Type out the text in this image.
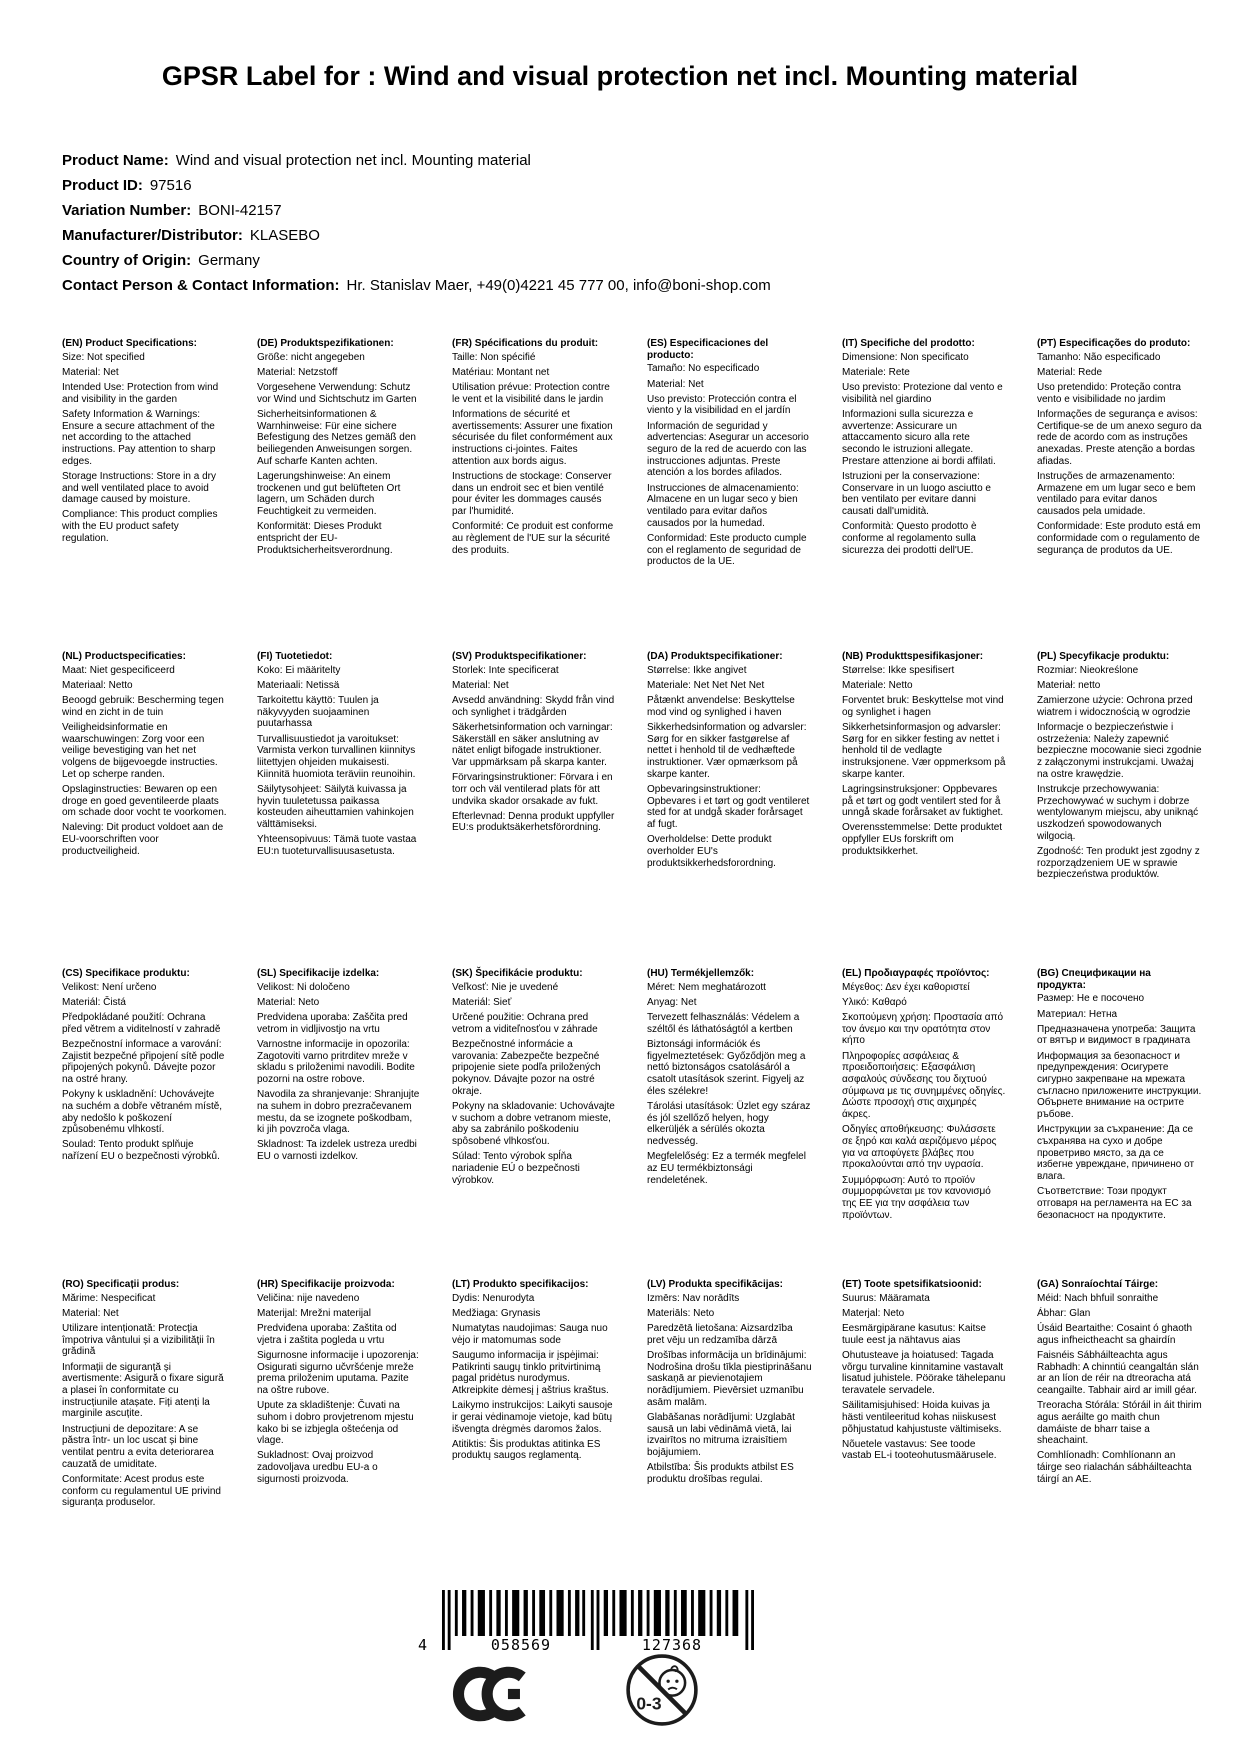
GPSR Label for : Wind and visual protection net incl. Mounting material
Product Name: Wind and visual protection net incl. Mounting material
Product ID: 97516
Variation Number: BONI-42157
Manufacturer/Distributor: KLASEBO
Country of Origin: Germany
Contact Person & Contact Information: Hr. Stanislav Maer, +49(0)4221 45 777 00, info@boni-shop.com
(EN) Product Specifications:

Size: Not specified

Material: Net

Intended Use: Protection from wind and visibility in the garden

Safety Information & Warnings: Ensure a secure attachment of the net according to the attached instructions. Pay attention to sharp edges.

Storage Instructions: Store in a dry and well ventilated place to avoid damage caused by moisture.

Compliance: This product complies with the EU product safety regulation.

(DE) Produktspezifikationen:

Größe: nicht angegeben

Material: Netzstoff

Vorgesehene Verwendung: Schutz vor Wind und Sichtschutz im Garten

Sicherheitsinformationen & Warnhinweise: Für eine sichere Befestigung des Netzes gemäß den beiliegenden Anweisungen sorgen. Auf scharfe Kanten achten.

Lagerungshinweise: An einem trockenen und gut belüfteten Ort lagern, um Schäden durch Feuchtigkeit zu vermeiden.

Konformität: Dieses Produkt entspricht der EU-Produktsicherheitsverordnung.

(FR) Spécifications du produit:

Taille: Non spécifié

Matériau: Montant net

Utilisation prévue: Protection contre le vent et la visibilité dans le jardin

Informations de sécurité et avertissements: Assurer une fixation sécurisée du filet conformément aux instructions ci-jointes. Faites attention aux bords aigus.

Instructions de stockage: Conserver dans un endroit sec et bien ventilé pour éviter les dommages causés par l'humidité.

Conformité: Ce produit est conforme au règlement de l'UE sur la sécurité des produits.

(ES) Especificaciones del producto:

Tamaño: No especificado

Material: Net

Uso previsto: Protección contra el viento y la visibilidad en el jardín

Información de seguridad y advertencias: Asegurar un accesorio seguro de la red de acuerdo con las instrucciones adjuntas. Preste atención a los bordes afilados.

Instrucciones de almacenamiento: Almacene en un lugar seco y bien ventilado para evitar daños causados por la humedad.

Conformidad: Este producto cumple con el reglamento de seguridad de productos de la UE.

(IT) Specifiche del prodotto:

Dimensione: Non specificato

Materiale: Rete

Uso previsto: Protezione dal vento e visibilità nel giardino

Informazioni sulla sicurezza e avvertenze: Assicurare un attaccamento sicuro alla rete secondo le istruzioni allegate. Prestare attenzione ai bordi affilati.

Istruzioni per la conservazione: Conservare in un luogo asciutto e ben ventilato per evitare danni causati dall'umidità.

Conformità: Questo prodotto è conforme al regolamento sulla sicurezza dei prodotti dell'UE.

(PT) Especificações do produto:

Tamanho: Não especificado

Material: Rede

Uso pretendido: Proteção contra vento e visibilidade no jardim

Informações de segurança e avisos: Certifique-se de um anexo seguro da rede de acordo com as instruções anexadas. Preste atenção a bordas afiadas.

Instruções de armazenamento: Armazene em um lugar seco e bem ventilado para evitar danos causados pela umidade.

Conformidade: Este produto está em conformidade com o regulamento de segurança de produtos da UE.

(NL) Productspecificaties:

Maat: Niet gespecificeerd

Materiaal: Netto

Beoogd gebruik: Bescherming tegen wind en zicht in de tuin

Veiligheidsinformatie en waarschuwingen: Zorg voor een veilige bevestiging van het net volgens de bijgevoegde instructies. Let op scherpe randen.

Opslaginstructies: Bewaren op een droge en goed geventileerde plaats om schade door vocht te voorkomen.

Naleving: Dit product voldoet aan de EU-voorschriften voor productveiligheid.

(FI) Tuotetiedot:

Koko: Ei määritelty

Materiaali: Netissä

Tarkoitettu käyttö: Tuulen ja näkyvyyden suojaaminen puutarhassa

Turvallisuustiedot ja varoitukset: Varmista verkon turvallinen kiinnitys liitettyjen ohjeiden mukaisesti. Kiinnitä huomiota teräviin reunoihin.

Säilytysohjeet: Säilytä kuivassa ja hyvin tuuletetussa paikassa kosteuden aiheuttamien vahinkojen välttämiseksi.

Yhteensopivuus: Tämä tuote vastaa EU:n tuoteturvallisuusasetusta.

(SV) Produktspecifikationer:

Storlek: Inte specificerat

Material: Net

Avsedd användning: Skydd från vind och synlighet i trädgården

Säkerhetsinformation och varningar: Säkerställ en säker anslutning av nätet enligt bifogade instruktioner. Var uppmärksam på skarpa kanter.

Förvaringsinstruktioner: Förvara i en torr och väl ventilerad plats för att undvika skador orsakade av fukt.

Efterlevnad: Denna produkt uppfyller EU:s produktsäkerhetsförordning.

(DA) Produktspecifikationer:

Størrelse: Ikke angivet

Materiale: Net Net Net Net

Påtænkt anvendelse: Beskyttelse mod vind og synlighed i haven

Sikkerhedsinformation og advarsler: Sørg for en sikker fastgørelse af nettet i henhold til de vedhæftede instruktioner. Vær opmærksom på skarpe kanter.

Opbevaringsinstruktioner: Opbevares i et tørt og godt ventileret sted for at undgå skader forårsaget af fugt.

Overholdelse: Dette produkt overholder EU's produktsikkerhedsforordning.

(NB) Produkttspesifikasjoner:

Størrelse: Ikke spesifisert

Materiale: Netto

Forventet bruk: Beskyttelse mot vind og synlighet i hagen

Sikkerhetsinformasjon og advarsler: Sørg for en sikker festing av nettet i henhold til de vedlagte instruksjonene. Vær oppmerksom på skarpe kanter.

Lagringsinstruksjoner: Oppbevares på et tørt og godt ventilert sted for å unngå skade forårsaket av fuktighet.

Overensstemmelse: Dette produktet oppfyller EUs forskrift om produktsikkerhet.

(PL) Specyfikacje produktu:

Rozmiar: Nieokreślone

Materiał: netto

Zamierzone użycie: Ochrona przed wiatrem i widocznością w ogrodzie

Informacje o bezpieczeństwie i ostrzeżenia: Należy zapewnić bezpieczne mocowanie sieci zgodnie z załączonymi instrukcjami. Uważaj na ostre krawędzie.

Instrukcje przechowywania: Przechowywać w suchym i dobrze wentylowanym miejscu, aby uniknąć uszkodzeń spowodowanych wilgocią.

Zgodność: Ten produkt jest zgodny z rozporządzeniem UE w sprawie bezpieczeństwa produktów.

(CS) Specifikace produktu:

Velikost: Není určeno

Materiál: Čistá

Předpokládané použití: Ochrana před větrem a viditelností v zahradě

Bezpečnostní informace a varování: Zajistit bezpečné připojení sítě podle připojených pokynů. Dávejte pozor na ostré hrany.

Pokyny k uskladnění: Uchovávejte na suchém a dobře větraném místě, aby nedošlo k poškození způsobenému vlhkostí.

Soulad: Tento produkt splňuje nařízení EU o bezpečnosti výrobků.

(SL) Specifikacije izdelka:

Velikost: Ni določeno

Material: Neto

Predvidena uporaba: Zaščita pred vetrom in vidljivostjo na vrtu

Varnostne informacije in opozorila: Zagotoviti varno pritrditev mreže v skladu s priloženimi navodili. Bodite pozorni na ostre robove.

Navodila za shranjevanje: Shranjujte na suhem in dobro prezračevanem mestu, da se izognete poškodbam, ki jih povzroča vlaga.

Skladnost: Ta izdelek ustreza uredbi EU o varnosti izdelkov.

(SK) Špecifikácie produktu:

Veľkosť: Nie je uvedené

Materiál: Sieť

Určené použitie: Ochrana pred vetrom a viditeľnosťou v záhrade

Bezpečnostné informácie a varovania: Zabezpečte bezpečné pripojenie siete podľa priložených pokynov. Dávajte pozor na ostré okraje.

Pokyny na skladovanie: Uchovávajte v suchom a dobre vetranom mieste, aby sa zabránilo poškodeniu spôsobené vlhkosťou.

Súlad: Tento výrobok spĺňa nariadenie EÚ o bezpečnosti výrobkov.

(HU) Termékjellemzők:

Méret: Nem meghatározott

Anyag: Net

Tervezett felhasználás: Védelem a széltől és láthatóságtól a kertben

Biztonsági információk és figyelmeztetések: Győződjön meg a nettó biztonságos csatolásáról a csatolt utasítások szerint. Figyelj az éles szélekre!

Tárolási utasítások: Üzlet egy száraz és jól szellőző helyen, hogy elkerüljék a sérülés okozta nedvesség.

Megfelelőség: Ez a termék megfelel az EU termékbiztonsági rendeletének.

(EL) Προδιαγραφές προϊόντος:

Μέγεθος: Δεν έχει καθοριστεί

Υλικό: Καθαρό

Σκοπούμενη χρήση: Προστασία από τον άνεμο και την ορατότητα στον κήπο

Πληροφορίες ασφάλειας & προειδοποιήσεις: Εξασφάλιση ασφαλούς σύνδεσης του διχτυού σύμφωνα με τις συνημμένες οδηγίες. Δώστε προσοχή στις αιχμηρές άκρες.

Οδηγίες αποθήκευσης: Φυλάσσετε σε ξηρό και καλά αεριζόμενο μέρος για να αποφύγετε βλάβες που προκαλούνται από την υγρασία.

Συμμόρφωση: Αυτό το προϊόν συμμορφώνεται με τον κανονισμό της ΕΕ για την ασφάλεια των προϊόντων.

(BG) Спецификации на продукта:

Размер: Не е посочено

Материал: Нетна

Предназначена употреба: Защита от вятър и видимост в градината

Информация за безопасност и предупреждения: Осигурете сигурно закрепване на мрежата съгласно приложените инструкции. Обърнете внимание на острите ръбове.

Инструкции за съхранение: Да се съхранява на сухо и добре проветриво място, за да се избегне увреждане, причинено от влага.

Съответствие: Този продукт отговаря на регламента на ЕС за безопасност на продуктите.

(RO) Specificații produs:

Mărime: Nespecificat

Material: Net

Utilizare intenționată: Protecția împotriva vântului și a vizibilității în grădină

Informații de siguranță și avertismente: Asigură o fixare sigură a plasei în conformitate cu instrucțiunile atașate. Fiți atenți la marginile ascuțite.

Instrucțiuni de depozitare: A se păstra într- un loc uscat și bine ventilat pentru a evita deteriorarea cauzată de umiditate.

Conformitate: Acest produs este conform cu regulamentul UE privind siguranța produselor.

(HR) Specifikacije proizvoda:

Veličina: nije navedeno

Materijal: Mrežni materijal

Predviđena uporaba: Zaštita od vjetra i zaštita pogleda u vrtu

Sigurnosne informacije i upozorenja: Osigurati sigurno učvršćenje mreže prema priloženim uputama. Pazite na oštre rubove.

Upute za skladištenje: Čuvati na suhom i dobro provjetrenom mjestu kako bi se izbjegla oštećenja od vlage.

Sukladnost: Ovaj proizvod zadovoljava uredbu EU-a o sigurnosti proizvoda.

(LT) Produkto specifikacijos:

Dydis: Nenurodyta

Medžiaga: Grynasis

Numatytas naudojimas: Sauga nuo vėjo ir matomumas sode

Saugumo informacija ir įspėjimai: Patikrinti saugų tinklo pritvirtinimą pagal pridėtus nurodymus. Atkreipkite dėmesį į aštrius kraštus.

Laikymo instrukcijos: Laikyti sausoje ir gerai vėdinamoje vietoje, kad būtų išvengta drėgmės daromos žalos.

Atitiktis: Šis produktas atitinka ES produktų saugos reglamentą.

(LV) Produkta specifikācijas:

Izmērs: Nav norādīts

Materiāls: Neto

Paredzētā lietošana: Aizsardzība pret vēju un redzamība dārzā

Drošības informācija un brīdinājumi: Nodrošina drošu tīkla piestiprināšanu saskaņā ar pievienotajiem norādījumiem. Pievērsiet uzmanību asām malām.

Glabāšanas norādījumi: Uzglabāt sausā un labi vēdināmā vietā, lai izvairītos no mitruma izraisītiem bojājumiem.

Atbilstība: Šis produkts atbilst ES produktu drošības regulai.

(ET) Toote spetsifikatsioonid:

Suurus: Määramata

Materjal: Neto

Eesmärgipärane kasutus: Kaitse tuule eest ja nähtavus aias

Ohutusteave ja hoiatused: Tagada võrgu turvaline kinnitamine vastavalt lisatud juhistele. Pöörake tähelepanu teravatele servadele.

Säilitamisjuhised: Hoida kuivas ja hästi ventileeritud kohas niiskusest põhjustatud kahjustuste vältimiseks.

Nõuetele vastavus: See toode vastab EL-i tooteohutusmäärusele.

(GA) Sonraíochtaí Táirge:

Méid: Nach bhfuil sonraithe

Ábhar: Glan

Úsáid Beartaithe: Cosaint ó ghaoth agus infheictheacht sa ghairdín

Faisnéis Sábháilteachta agus Rabhadh: A chinntiú ceangaltán slán ar an líon de réir na dtreoracha atá ceangailte. Tabhair aird ar imill géar.

Treoracha Stórála: Stóráil in áit thirim agus aeráilte go maith chun damáiste de bharr taise a sheachaint.

Comhlíonadh: Comhlíonann an táirge seo rialachán sábháilteachta táirgí an AE.

4	058569	127368
0-3
